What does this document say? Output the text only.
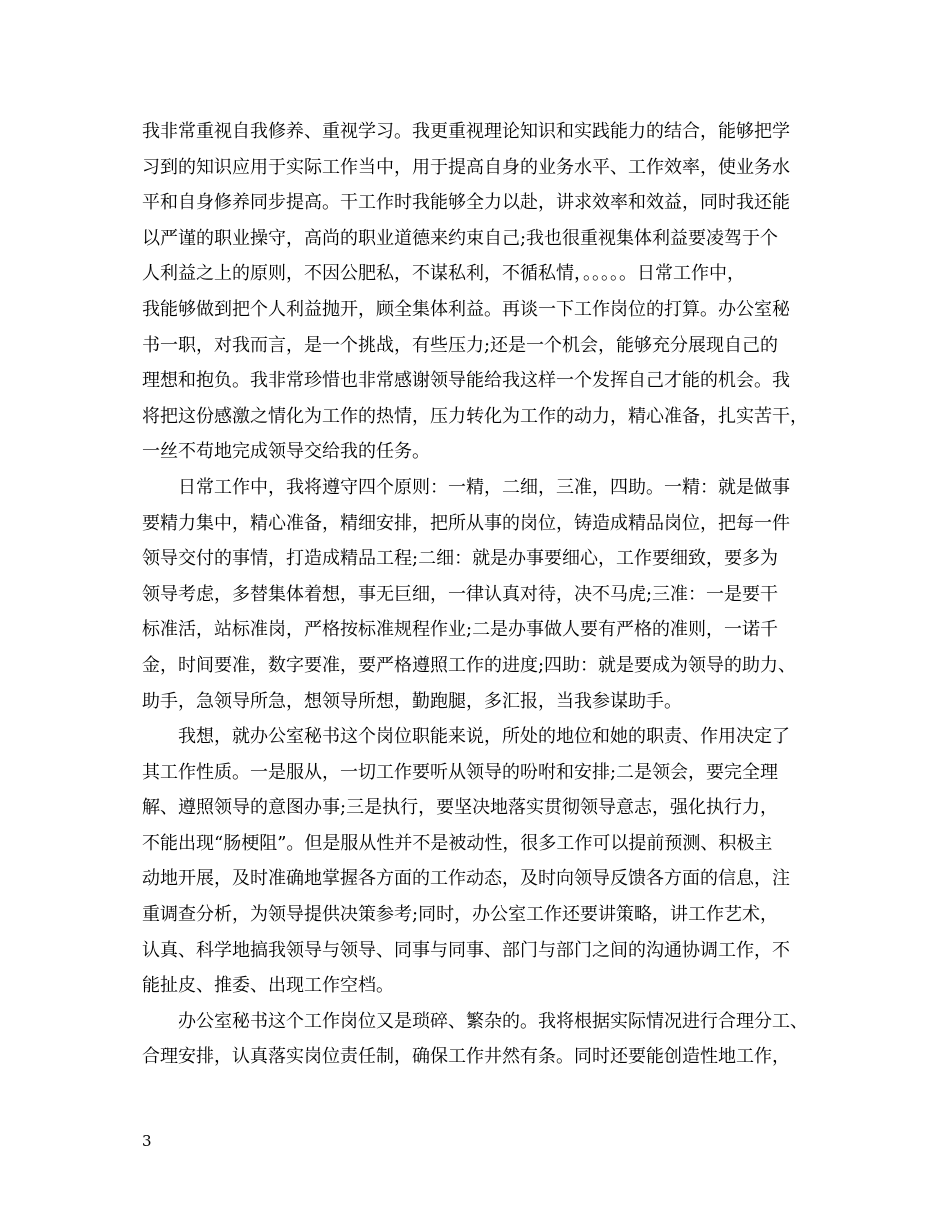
我非常重视自我修养、重视学习。我更重视理论知识和实践能力的结合，能够把学
习到的知识应用于实际工作当中，用于提高自身的业务水平、工作效率，使业务水
平和自身修养同步提高。干工作时我能够全力以赴，讲求效率和效益，同时我还能
以严谨的职业操守，高尚的职业道德来约束自己;我也很重视集体利益要凌驾于个
人利益之上的原则，不因公肥私，不谋私利，不循私情，。。。。。日常工作中，
我能够做到把个人利益抛开，顾全集体利益。再谈一下工作岗位的打算。办公室秘
书一职，对我而言，是一个挑战，有些压力;还是一个机会，能够充分展现自己的
理想和抱负。我非常珍惜也非常感谢领导能给我这样一个发挥自己才能的机会。我
将把这份感激之情化为工作的热情，压力转化为工作的动力，精心准备，扎实苦干，
一丝不苟地完成领导交给我的任务。
　　日常工作中，我将遵守四个原则：一精，二细，三准，四助。一精：就是做事
要精力集中，精心准备，精细安排，把所从事的岗位，铸造成精品岗位，把每一件
领导交付的事情，打造成精品工程;二细：就是办事要细心，工作要细致，要多为
领导考虑，多替集体着想，事无巨细，一律认真对待，决不马虎;三准：一是要干
标准活，站标准岗，严格按标准规程作业;二是办事做人要有严格的准则，一诺千
金，时间要准，数字要准，要严格遵照工作的进度;四助：就是要成为领导的助力、
助手，急领导所急，想领导所想，勤跑腿，多汇报，当我参谋助手。
　　我想，就办公室秘书这个岗位职能来说，所处的地位和她的职责、作用决定了
其工作性质。一是服从，一切工作要听从领导的吩咐和安排;二是领会，要完全理
解、遵照领导的意图办事;三是执行，要坚决地落实贯彻领导意志，强化执行力，
不能出现“肠梗阻”。但是服从性并不是被动性，很多工作可以提前预测、积极主
动地开展，及时准确地掌握各方面的工作动态，及时向领导反馈各方面的信息，注
重调查分析，为领导提供决策参考;同时，办公室工作还要讲策略，讲工作艺术，
认真、科学地搞我领导与领导、同事与同事、部门与部门之间的沟通协调工作，不
能扯皮、推委、出现工作空档。
　　办公室秘书这个工作岗位又是琐碎、繁杂的。我将根据实际情况进行合理分工、
合理安排，认真落实岗位责任制，确保工作井然有条。同时还要能创造性地工作，
3
